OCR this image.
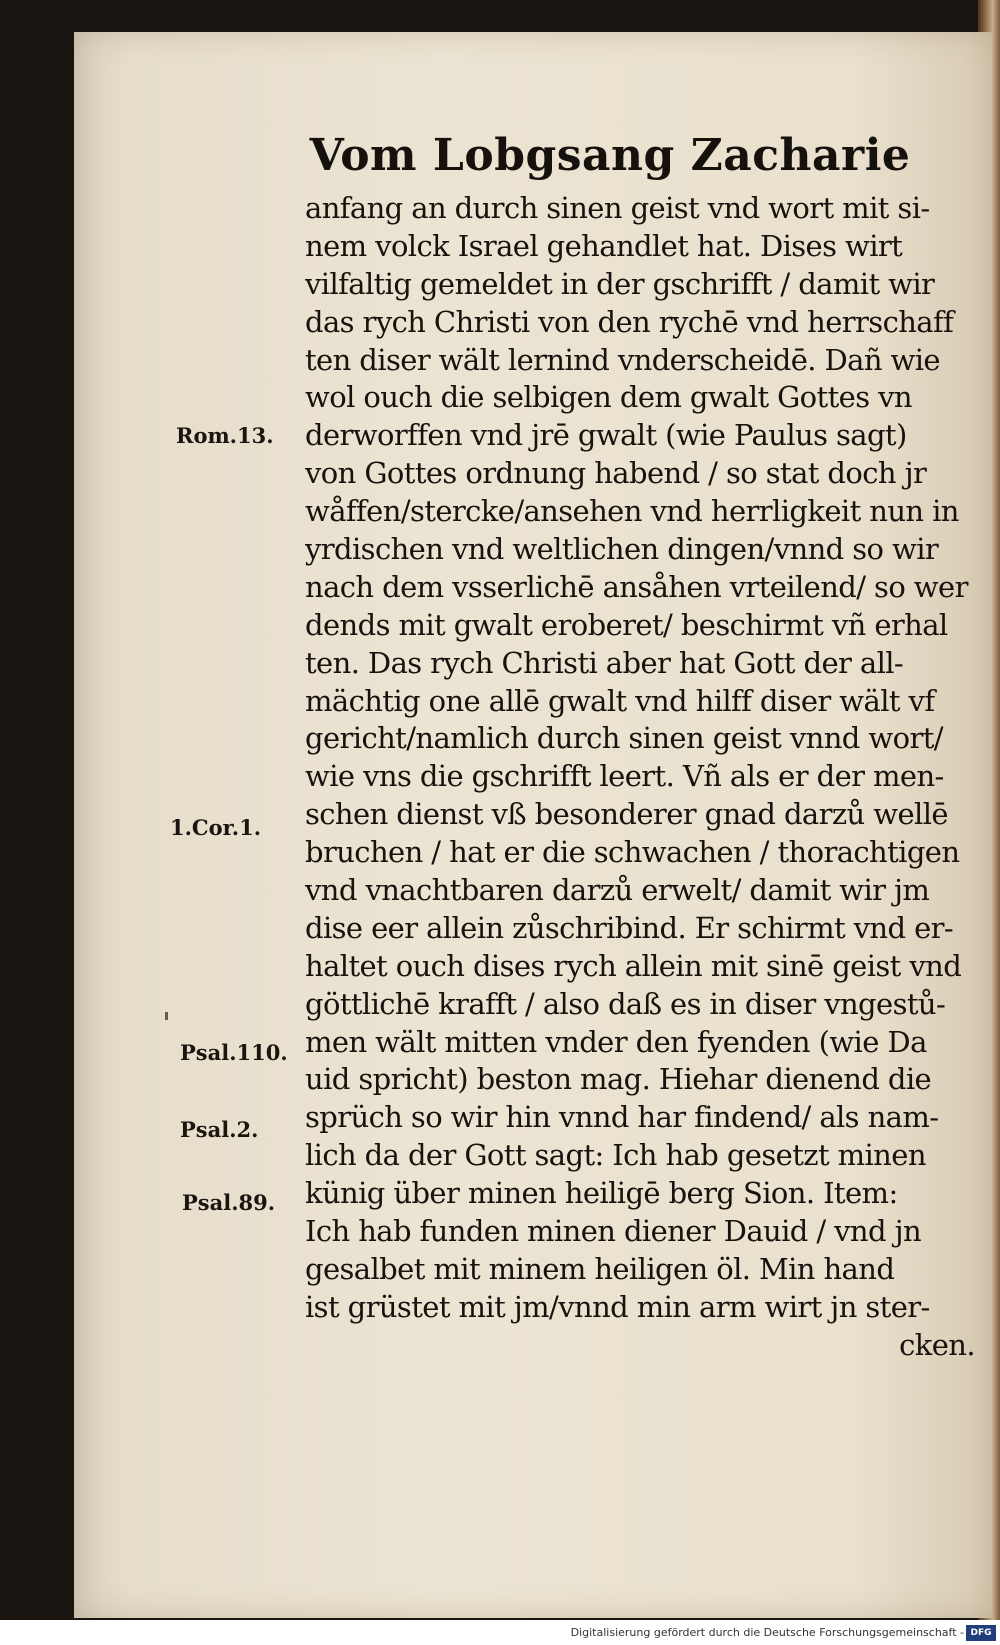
Vom Lobgsang Zacharie
anfang an durch sinen geist vnd wort mit si-
nem volck Israel gehandlet hat. Dises wirt
vilfaltig gemeldet in der gschrifft / damit wir
das rych Christi von den rychē vnd herrschaff
ten diser wält lernind vnderscheidē. Dañ wie
wol ouch die selbigen dem gwalt Gottes vn
derworffen vnd jrē gwalt (wie Paulus sagt)
von Gottes ordnung habend / so stat doch jr
wåffen/stercke/ansehen vnd herrligkeit nun in
yrdischen vnd weltlichen dingen/vnnd so wir
nach dem vsserlichē ansåhen vrteilend/ so wer
dends mit gwalt eroberet/ beschirmt vñ erhal
ten. Das rych Christi aber hat Gott der all-
mächtig one allē gwalt vnd hilff diser wält vf
gericht/namlich durch sinen geist vnnd wort/
wie vns die gschrifft leert. Vñ als er der men-
schen dienst vß besonderer gnad darzů wellē
bruchen / hat er die schwachen / thorachtigen
vnd vnachtbaren darzů erwelt/ damit wir jm
dise eer allein zůschribind. Er schirmt vnd er-
haltet ouch dises rych allein mit sinē geist vnd
göttlichē krafft / also daß es in diser vngestů-
men wält mitten vnder den fyenden (wie Da
uid spricht) beston mag. Hiehar dienend die
sprüch so wir hin vnnd har findend/ als nam-
lich da der Gott sagt: Ich hab gesetzt minen
künig über minen heiligē berg Sion. Item:
Ich hab funden minen diener Dauid / vnd jn
gesalbet mit minem heiligen öl. Min hand
ist grüstet mit jm/vnnd min arm wirt jn ster-
cken.
Rom.13.
1.Cor.1.
Psal.110.
Psal.2.
Psal.89.
Digitalisierung gefördert durch die Deutsche Forschungsgemeinschaft - DFG
